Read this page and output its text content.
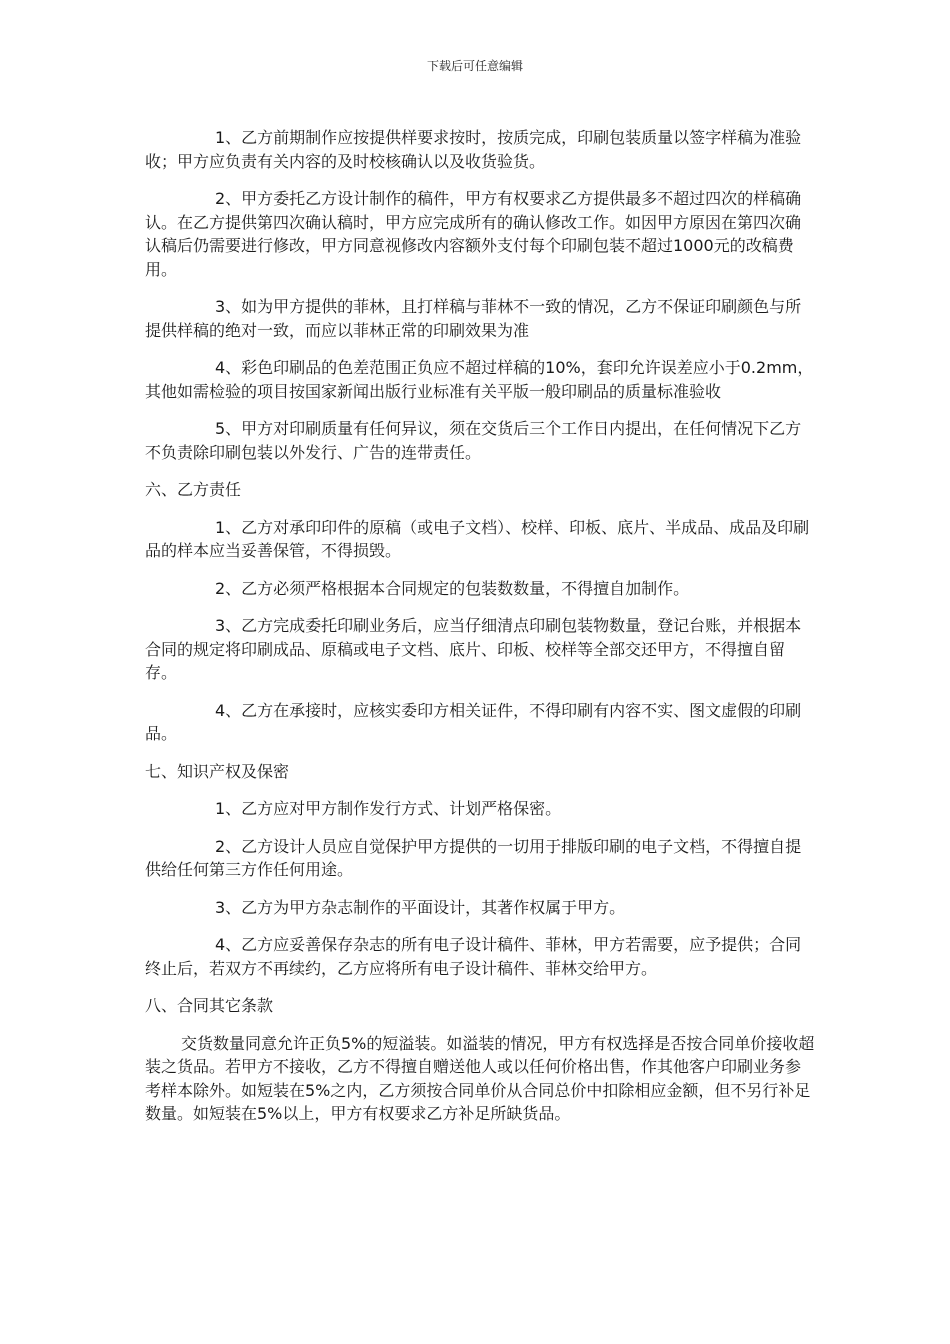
下载后可任意编辑

1、乙方前期制作应按提供样要求按时，按质完成，印刷包装质量以签字样稿为准验收；甲方应负责有关内容的及时校核确认以及收货验货。

2、甲方委托乙方设计制作的稿件，甲方有权要求乙方提供最多不超过四次的样稿确认。在乙方提供第四次确认稿时，甲方应完成所有的确认修改工作。如因甲方原因在第四次确认稿后仍需要进行修改，甲方同意视修改内容额外支付每个印刷包装不超过1000元的改稿费用。

3、如为甲方提供的菲林，且打样稿与菲林不一致的情况，乙方不保证印刷颜色与所提供样稿的绝对一致，而应以菲林正常的印刷效果为准

4、彩色印刷品的色差范围正负应不超过样稿的10%，套印允许误差应小于0.2mm，其他如需检验的项目按国家新闻出版行业标准有关平版一般印刷品的质量标准验收

5、甲方对印刷质量有任何异议，须在交货后三个工作日内提出，在任何情况下乙方不负责除印刷包装以外发行、广告的连带责任。

六、乙方责任

1、乙方对承印印件的原稿（或电子文档）、校样、印板、底片、半成品、成品及印刷品的样本应当妥善保管，不得损毁。

2、乙方必须严格根据本合同规定的包装数数量，不得擅自加制作。

3、乙方完成委托印刷业务后，应当仔细清点印刷包装物数量，登记台账，并根据本合同的规定将印刷成品、原稿或电子文档、底片、印板、校样等全部交还甲方，不得擅自留存。

4、乙方在承接时，应核实委印方相关证件，不得印刷有内容不实、图文虚假的印刷品。

七、知识产权及保密

1、乙方应对甲方制作发行方式、计划严格保密。

2、乙方设计人员应自觉保护甲方提供的一切用于排版印刷的电子文档，不得擅自提供给任何第三方作任何用途。

3、乙方为甲方杂志制作的平面设计，其著作权属于甲方。

4、乙方应妥善保存杂志的所有电子设计稿件、菲林，甲方若需要，应予提供；合同终止后，若双方不再续约，乙方应将所有电子设计稿件、菲林交给甲方。

八、合同其它条款

交货数量同意允许正负5%的短溢装。如溢装的情况，甲方有权选择是否按合同单价接收超装之货品。若甲方不接收，乙方不得擅自赠送他人或以任何价格出售，作其他客户印刷业务参考样本除外。如短装在5%之内，乙方须按合同单价从合同总价中扣除相应金额，但不另行补足数量。如短装在5%以上，甲方有权要求乙方补足所缺货品。
